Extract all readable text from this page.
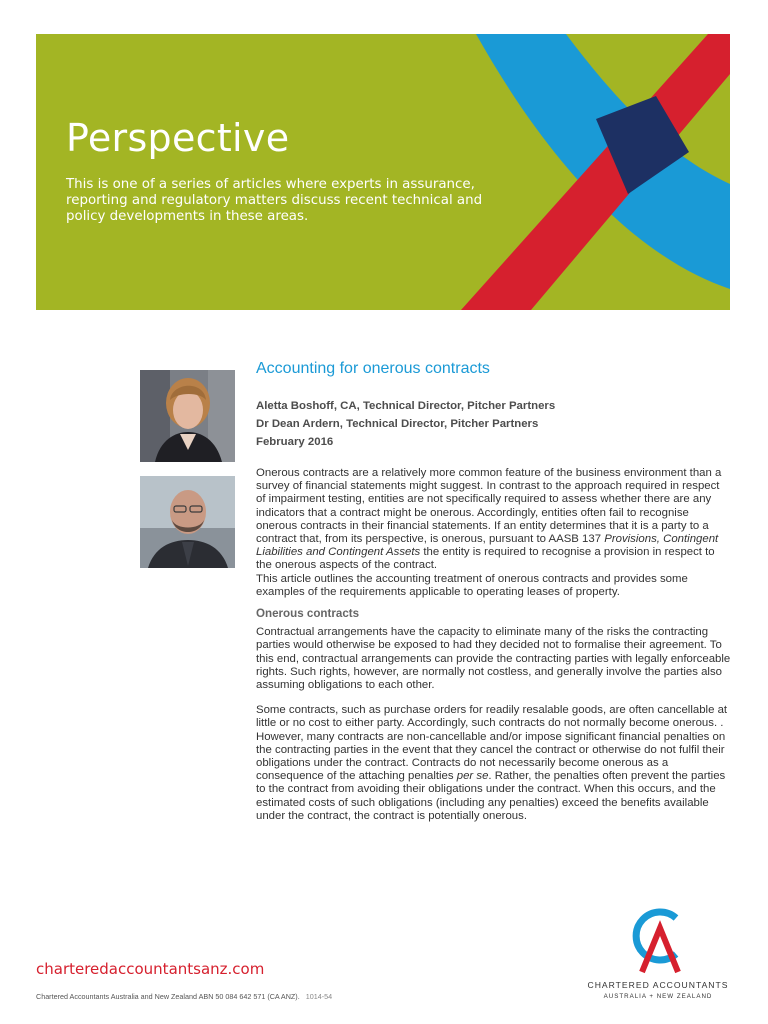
Perspective

This is one of a series of articles where experts in assurance, reporting and regulatory matters discuss recent technical and policy developments in these areas.

Accounting for onerous contracts
Aletta Boshoff, CA, Technical Director, Pitcher Partners
Dr Dean Ardern, Technical Director, Pitcher Partners
February 2016

Onerous contracts are a relatively more common feature of the business environment than a survey of financial statements might suggest. In contrast to the approach required in respect of impairment testing, entities are not specifically required to assess whether there are any indicators that a contract might be onerous. Accordingly, entities often fail to recognise onerous contracts in their financial statements. If an entity determines that it is a party to a contract that, from its perspective, is onerous, pursuant to AASB 137 Provisions, Contingent Liabilities and Contingent Assets the entity is required to recognise a provision in respect to the onerous aspects of the contract.

This article outlines the accounting treatment of onerous contracts and provides some examples of the requirements applicable to operating leases of property.

Onerous contracts

Contractual arrangements have the capacity to eliminate many of the risks the contracting parties would otherwise be exposed to had they decided not to formalise their agreement. To this end, contractual arrangements can provide the contracting parties with legally enforceable rights. Such rights, however, are normally not costless, and generally involve the parties also assuming obligations to each other.

Some contracts, such as purchase orders for readily resalable goods, are often cancellable at little or no cost to either party. Accordingly, such contracts do not normally become onerous. . However, many contracts are non-cancellable and/or impose significant financial penalties on the contracting parties in the event that they cancel the contract or otherwise do not fulfil their obligations under the contract. Contracts do not necessarily become onerous as a consequence of the attaching penalties per se. Rather, the penalties often prevent the parties to the contract from avoiding their obligations under the contract. When this occurs, and the estimated costs of such obligations (including any penalties) exceed the benefits available under the contract, the contract is potentially onerous.

charteredaccountantsanz.com
Chartered Accountants Australia and New Zealand ABN 50 084 642 571 (CA ANZ). 1014-54
CHARTERED ACCOUNTANTS
AUSTRALIA + NEW ZEALAND
